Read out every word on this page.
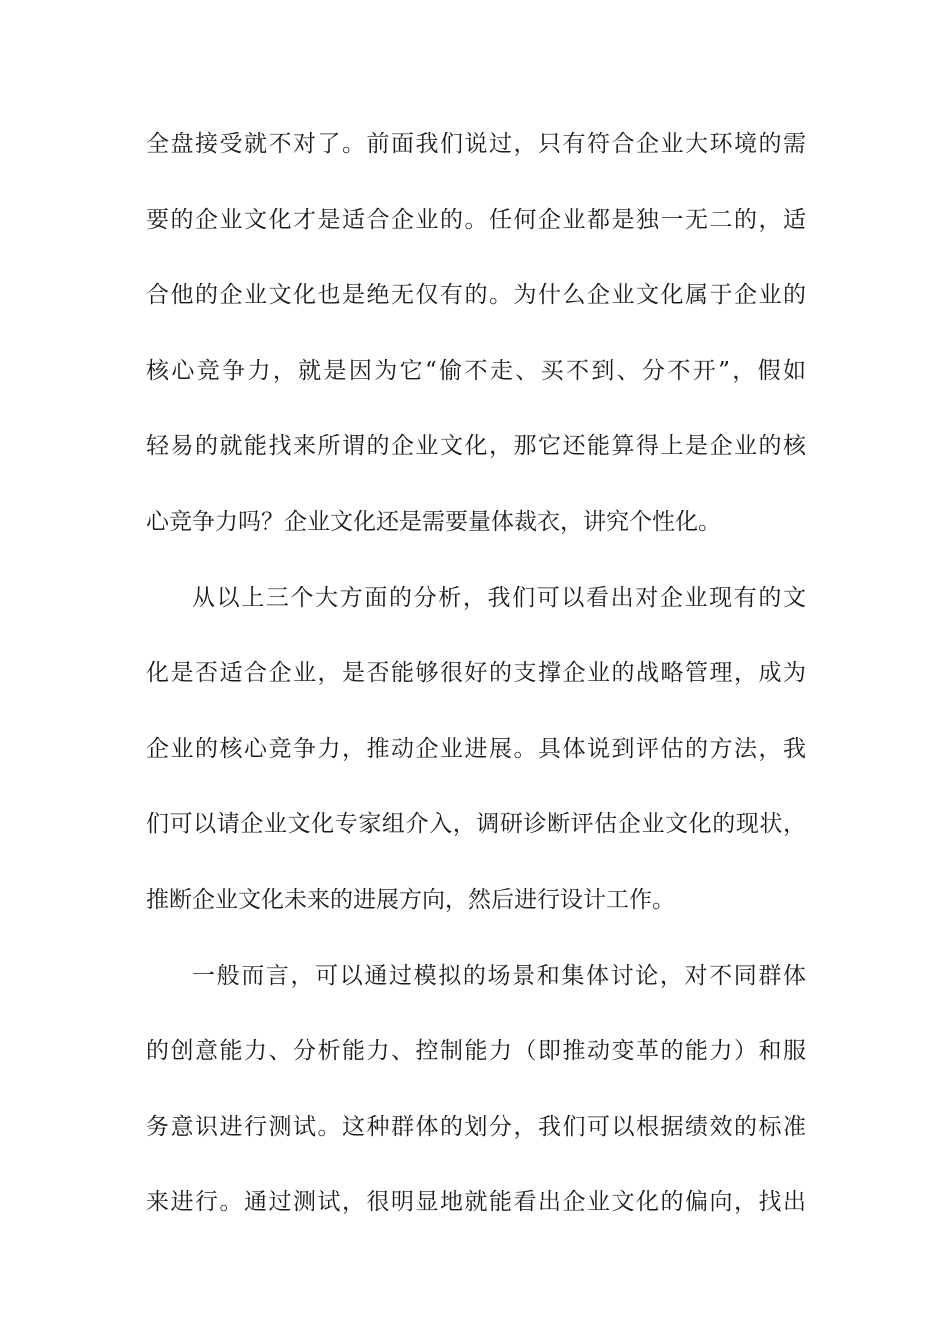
全盘接受就不对了。前面我们说过，只有符合企业大环境的需
要的企业文化才是适合企业的。任何企业都是独一无二的，适
合他的企业文化也是绝无仅有的。为什么企业文化属于企业的
核心竞争力，就是因为它“偷不走、买不到、分不开”，假如
轻易的就能找来所谓的企业文化，那它还能算得上是企业的核
心竞争力吗？企业文化还是需要量体裁衣，讲究个性化。
从以上三个大方面的分析，我们可以看出对企业现有的文
化是否适合企业，是否能够很好的支撑企业的战略管理，成为
企业的核心竞争力，推动企业进展。具体说到评估的方法，我
们可以请企业文化专家组介入，调研诊断评估企业文化的现状，
推断企业文化未来的进展方向，然后进行设计工作。
一般而言，可以通过模拟的场景和集体讨论，对不同群体
的创意能力、分析能力、控制能力（即推动变革的能力）和服
务意识进行测试。这种群体的划分，我们可以根据绩效的标准
来进行。通过测试，很明显地就能看出企业文化的偏向，找出
